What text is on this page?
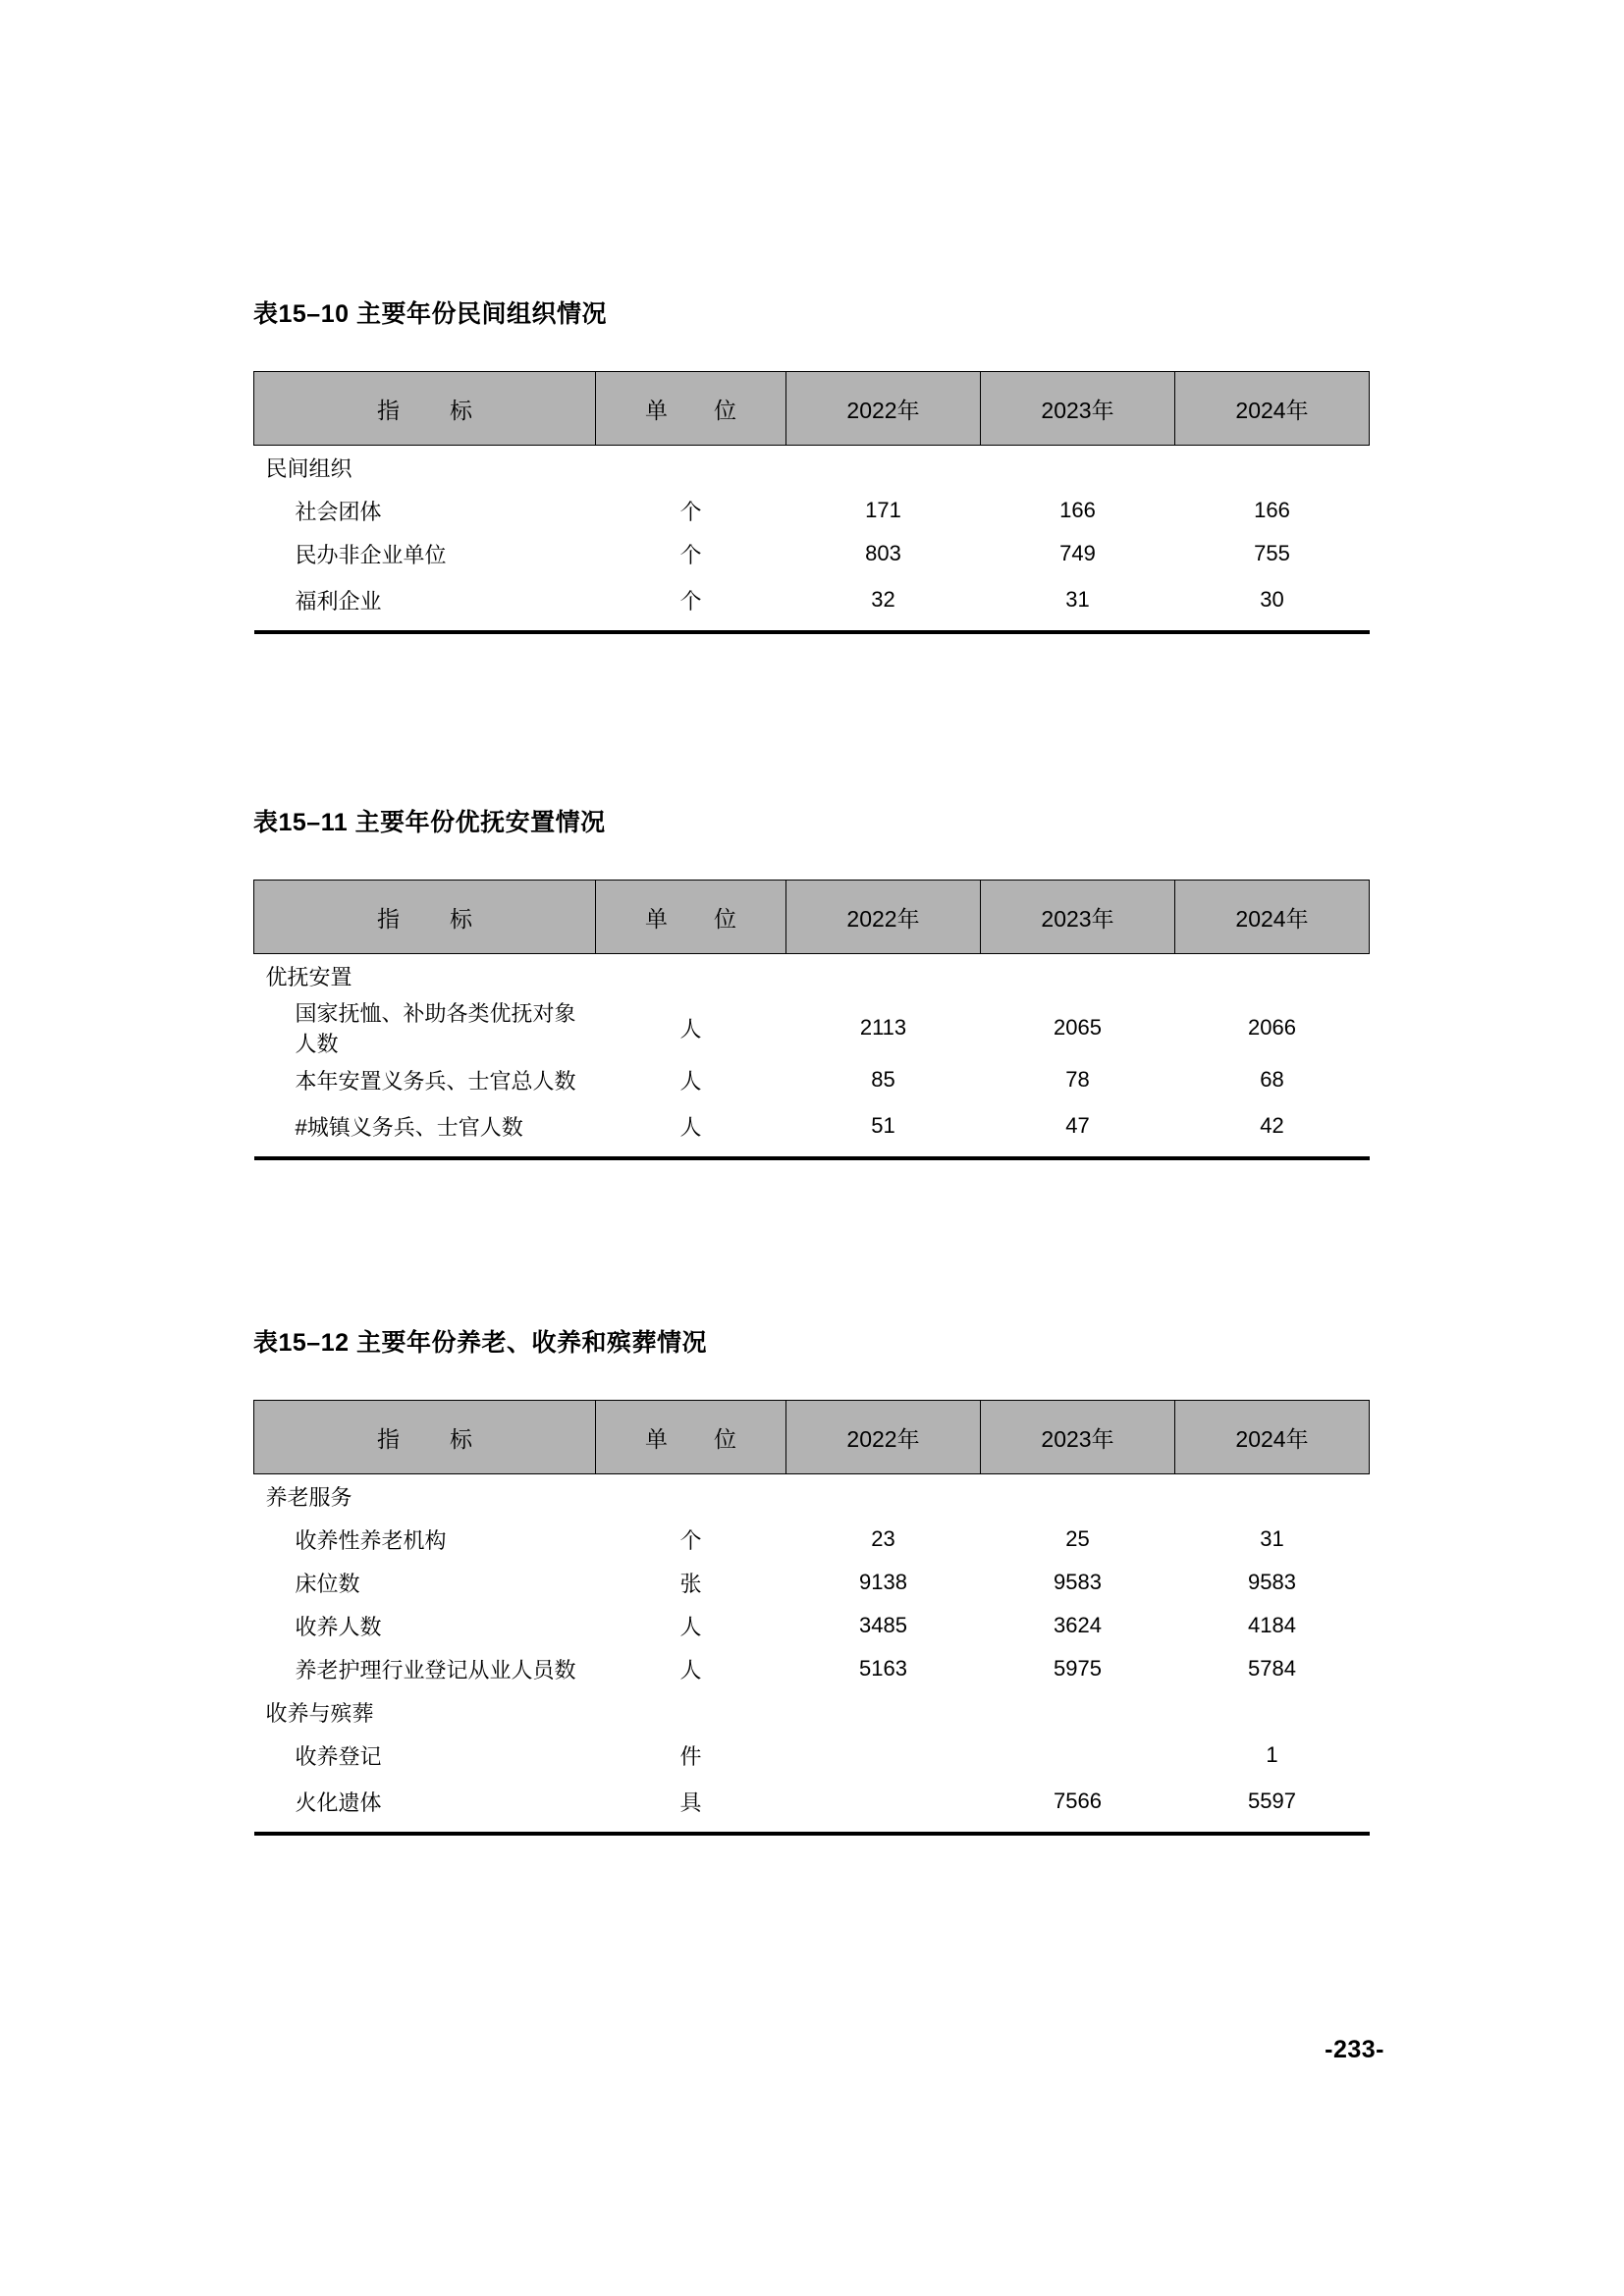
表15–10 主要年份民间组织情况
指　标	单　位	2022年	2023年	2024年
民间组织				
社会团体	个	171	166	166
民办非企业单位	个	803	749	755
福利企业	个	32	31	30
表15–11 主要年份优抚安置情况
指　标	单　位	2022年	2023年	2024年
优抚安置				
国家抚恤、补助各类优抚对象人数	人	2113	2065	2066
本年安置义务兵、士官总人数	人	85	78	68
#城镇义务兵、士官人数	人	51	47	42
表15–12 主要年份养老、收养和殡葬情况
指　标	单　位	2022年	2023年	2024年
养老服务				
收养性养老机构	个	23	25	31
床位数	张	9138	9583	9583
收养人数	人	3485	3624	4184
养老护理行业登记从业人员数	人	5163	5975	5784
收养与殡葬				
收养登记	件			1
火化遗体	具		7566	5597
-233-
